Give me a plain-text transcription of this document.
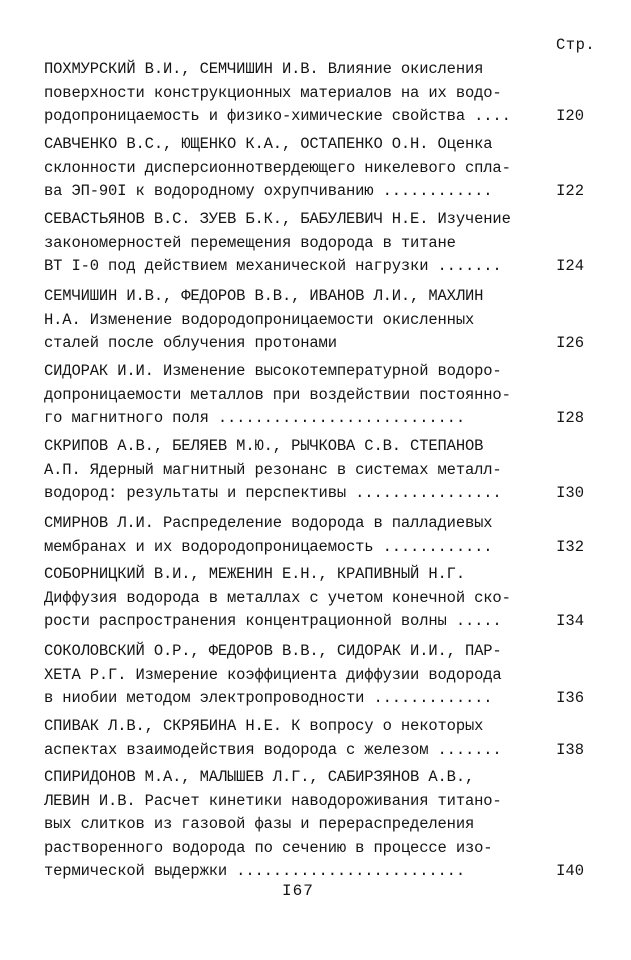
Стр.
ПОХМУРСКИЙ В.И., СЕМЧИШИН И.В. Влияние окисления
поверхности конструкционных материалов на их водо-
родопроницаемость и физико-химические свойства ....	I20
САВЧЕНКО В.С., ЮЩЕНКО К.А., ОСТАПЕНКО О.Н. Оценка
склонности дисперсионнотвердеющего никелевого спла-
ва ЭП-90I к водородному охрупчиванию ............	I22
СЕВАСТЬЯНОВ В.С. ЗУЕВ Б.К., БАБУЛЕВИЧ Н.Е. Изучение
закономерностей перемещения водорода в титане
ВТ I-0 под действием механической нагрузки .......	I24
СЕМЧИШИН И.В., ФЕДОРОВ В.В., ИВАНОВ Л.И., МАХЛИН
Н.А. Изменение водородопроницаемости окисленных
сталей после облучения протонами	I26
СИДОРАК И.И. Изменение высокотемпературной водоро-
допроницаемости металлов при воздействии постоянно-
го магнитного поля ...........................	I28
СКРИПОВ А.В., БЕЛЯЕВ М.Ю., РЫЧКОВА С.В. СТЕПАНОВ
А.П. Ядерный магнитный резонанс в системах металл-
водород: результаты и перспективы ................	I30
СМИРНОВ Л.И. Распределение водорода в палладиевых
мембранах и их водородопроницаемость ............	I32
СОБОРНИЦКИЙ В.И., МЕЖЕНИН Е.Н., КРАПИВНЫЙ Н.Г.
Диффузия водорода в металлах с учетом конечной ско-
рости распространения концентрационной волны .....	I34
СОКОЛОВСКИЙ О.Р., ФЕДОРОВ В.В., СИДОРАК И.И., ПАР-
ХЕТА Р.Г. Измерение коэффициента диффузии водорода
в ниобии методом электропроводности .............	I36
СПИВАК Л.В., СКРЯБИНА Н.Е. К вопросу о некоторых
аспектах взаимодействия водорода с железом .......	I38
СПИРИДОНОВ М.А., МАЛЫШЕВ Л.Г., САБИРЗЯНОВ А.В.,
ЛЕВИН И.В. Расчет кинетики наводороживания титано-
вых слитков из газовой фазы и перераспределения
растворенного водорода по сечению в процессе изо-
термической выдержки .........................	I40
I67
